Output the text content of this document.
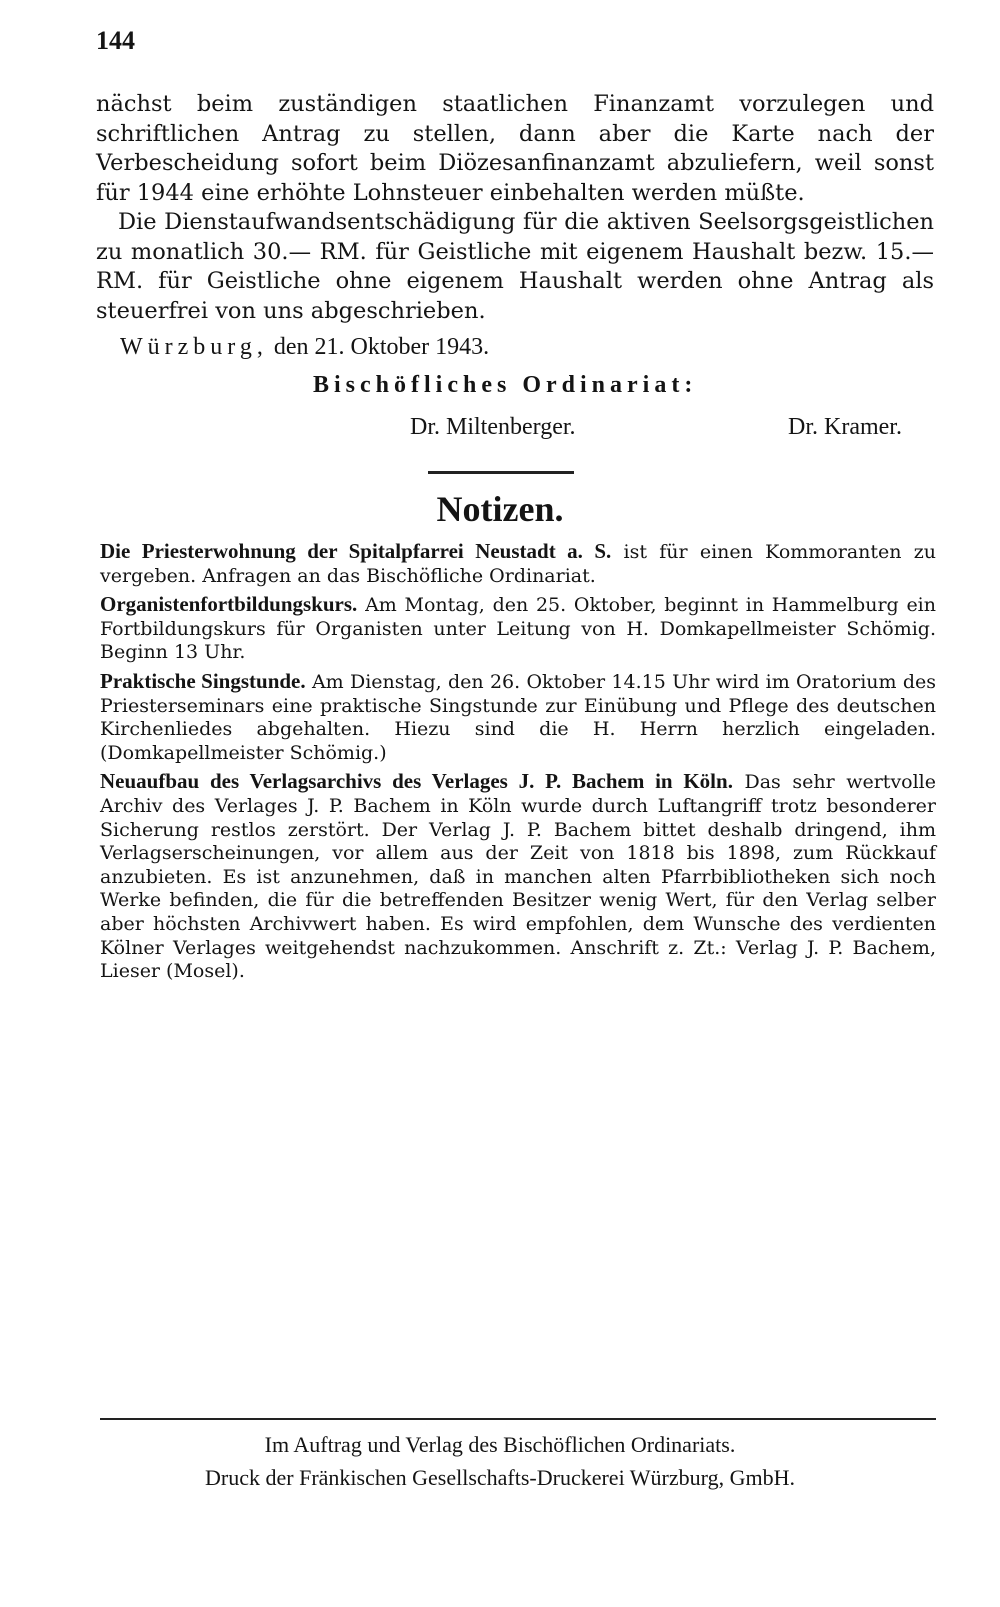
144

nächst beim zuständigen staatlichen Finanzamt vorzulegen und schriftlichen Antrag zu stellen, dann aber die Karte nach der Verbescheidung sofort beim Diözesanfinanzamt abzuliefern, weil sonst für 1944 eine erhöhte Lohnsteuer einbehalten werden müßte.

Die Dienstaufwandsentschädigung für die aktiven Seelsorgsgeistlichen zu monatlich 30.— RM. für Geistliche mit eigenem Haushalt bezw. 15.— RM. für Geistliche ohne eigenem Haushalt werden ohne Antrag als steuerfrei von uns abgeschrieben.

Würzburg, den 21. Oktober 1943.
Bischöfliches Ordinariat:
Dr. Miltenberger.	Dr. Kramer.
Notizen.

Die Priesterwohnung der Spitalpfarrei Neustadt a. S. ist für einen Kommoranten zu vergeben. Anfragen an das Bischöfliche Ordinariat.

Organistenfortbildungskurs. Am Montag, den 25. Oktober, beginnt in Hammelburg ein Fortbildungskurs für Organisten unter Leitung von H. Domkapellmeister Schömig. Beginn 13 Uhr.

Praktische Singstunde. Am Dienstag, den 26. Oktober 14.15 Uhr wird im Oratorium des Priesterseminars eine praktische Singstunde zur Einübung und Pflege des deutschen Kirchenliedes abgehalten. Hiezu sind die H. Herrn herzlich eingeladen. (Domkapellmeister Schömig.)

Neuaufbau des Verlagsarchivs des Verlages J. P. Bachem in Köln. Das sehr wertvolle Archiv des Verlages J. P. Bachem in Köln wurde durch Luftangriff trotz besonderer Sicherung restlos zerstört. Der Verlag J. P. Bachem bittet deshalb dringend, ihm Verlagserscheinungen, vor allem aus der Zeit von 1818 bis 1898, zum Rückkauf anzubieten. Es ist anzunehmen, daß in manchen alten Pfarrbibliotheken sich noch Werke befinden, die für die betreffenden Besitzer wenig Wert, für den Verlag selber aber höchsten Archivwert haben. Es wird empfohlen, dem Wunsche des verdienten Kölner Verlages weitgehendst nachzukommen. Anschrift z. Zt.: Verlag J. P. Bachem, Lieser (Mosel).

Im Auftrag und Verlag des Bischöflichen Ordinariats.
Druck der Fränkischen Gesellschafts-Druckerei Würzburg, GmbH.
